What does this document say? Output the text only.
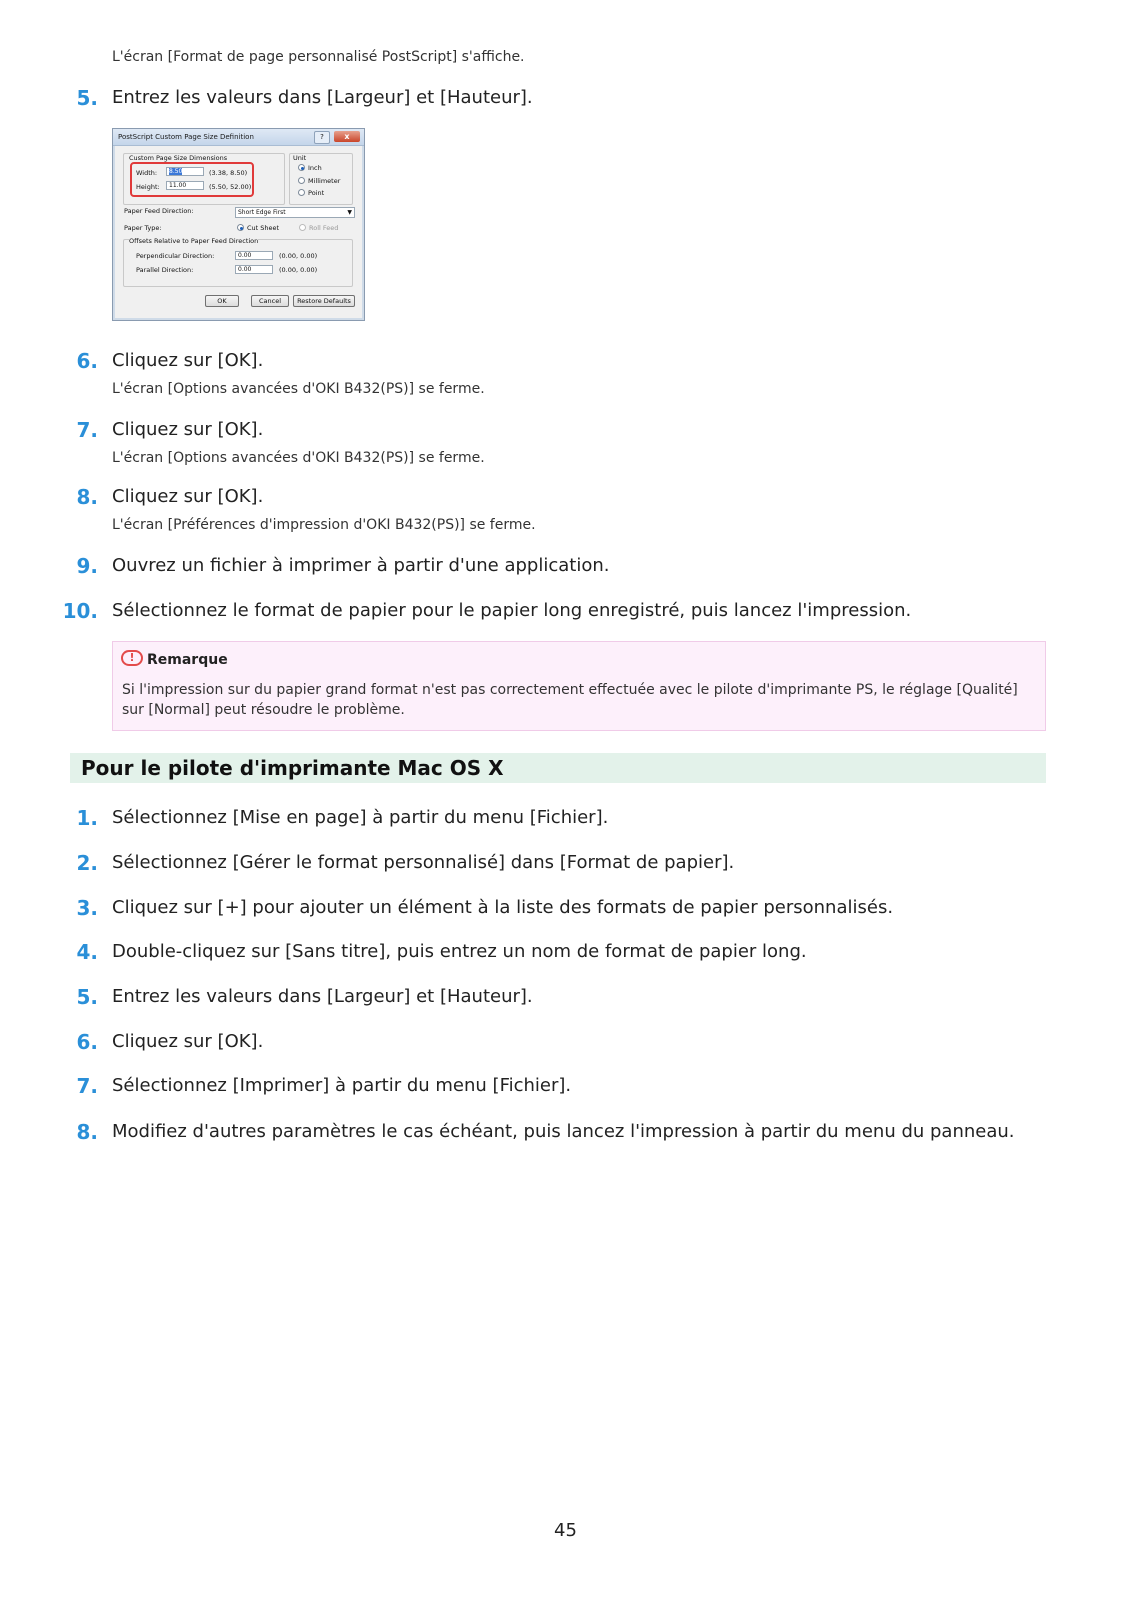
L'écran [Format de page personnalisé PostScript] s'affiche.
5. Entrez les valeurs dans [Largeur] et [Hauteur].
PostScript Custom Page Size Definition	?	x
Custom Page Size Dimensions
Width:	8.50	(3.38, 8.50)
Height:	11.00	(5.50, 52.00)
Unit
Inch
Millimeter
Point
Paper Feed Direction:	Short Edge First	▼
Paper Type:	Cut Sheet	Roll Feed
Offsets Relative to Paper Feed Direction
Perpendicular Direction:	0.00	(0.00, 0.00)
Parallel Direction:	0.00	(0.00, 0.00)
OK	Cancel	Restore Defaults
6. Cliquez sur [OK].
L'écran [Options avancées d'OKI B432(PS)] se ferme.
7. Cliquez sur [OK].
L'écran [Options avancées d'OKI B432(PS)] se ferme.
8. Cliquez sur [OK].
L'écran [Préférences d'impression d'OKI B432(PS)] se ferme.
9. Ouvrez un fichier à imprimer à partir d'une application.
10. Sélectionnez le format de papier pour le papier long enregistré, puis lancez l'impression.
! Remarque
Si l'impression sur du papier grand format n'est pas correctement effectuée avec le pilote d'imprimante PS, le réglage [Qualité] sur [Normal] peut résoudre le problème.
Pour le pilote d'imprimante Mac OS X
1. Sélectionnez [Mise en page] à partir du menu [Fichier].
2. Sélectionnez [Gérer le format personnalisé] dans [Format de papier].
3. Cliquez sur [+] pour ajouter un élément à la liste des formats de papier personnalisés.
4. Double-cliquez sur [Sans titre], puis entrez un nom de format de papier long.
5. Entrez les valeurs dans [Largeur] et [Hauteur].
6. Cliquez sur [OK].
7. Sélectionnez [Imprimer] à partir du menu [Fichier].
8. Modifiez d'autres paramètres le cas échéant, puis lancez l'impression à partir du menu du panneau.
45
